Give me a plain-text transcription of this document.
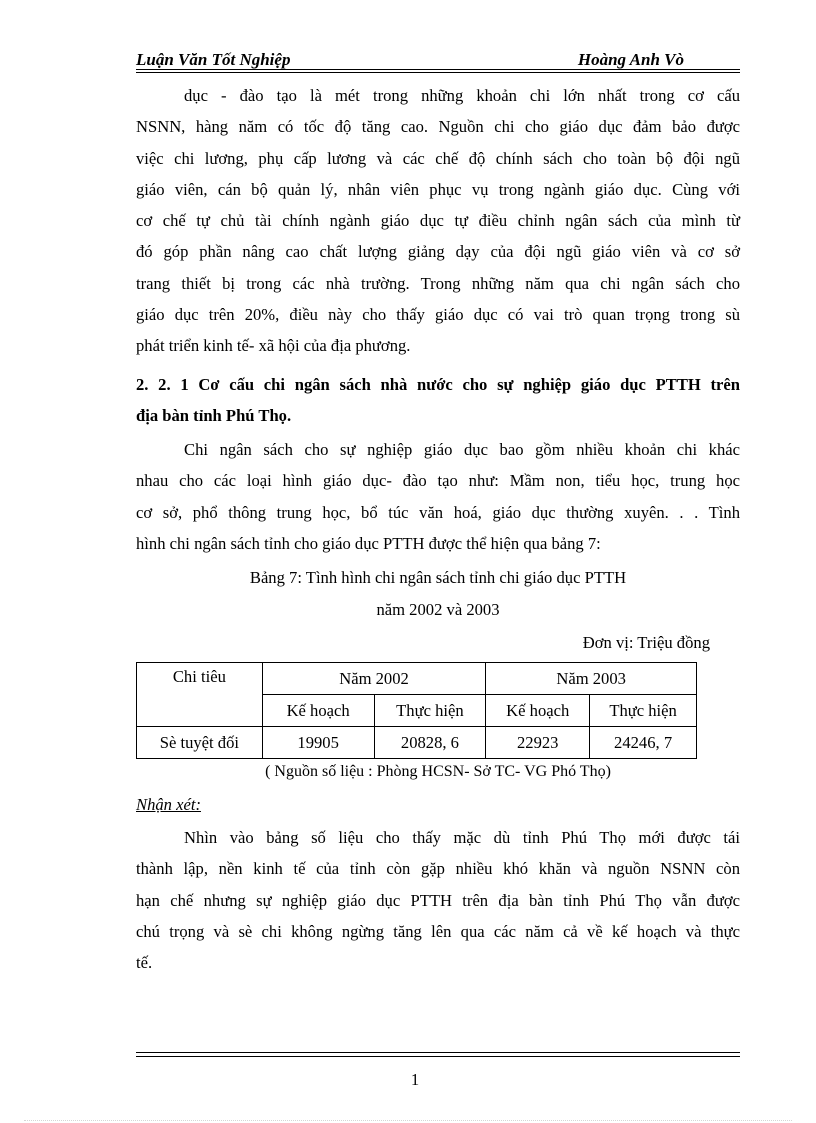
Luận Văn Tốt Nghiệp	Hoàng Anh Vò
dục - đào tạo là mét trong những khoản chi lớn nhất trong cơ cấu
NSNN, hàng năm có tốc độ tăng cao. Nguồn chi cho giáo dục đảm bảo được
việc chi lương, phụ cấp lương và các chế độ chính sách cho toàn bộ đội ngũ
giáo viên, cán bộ quản lý, nhân viên phục vụ trong ngành giáo dục. Cùng với
cơ chế tự chủ tài chính ngành giáo dục tự điều chỉnh ngân sách của mình từ
đó góp phần nâng cao chất lượng giảng dạy của đội ngũ giáo viên và cơ sở
trang thiết bị trong các nhà trường. Trong những năm qua chi ngân sách cho
giáo dục trên 20%, điều này cho thấy giáo dục có vai trò quan trọng trong sù
phát triển kinh tế- xã hội của địa phương.
2. 2. 1 Cơ cấu chi ngân sách nhà nước cho sự nghiệp giáo dục PTTH trên
địa bàn tỉnh Phú Thọ.
Chi ngân sách cho sự nghiệp giáo dục bao gồm nhiều khoản chi khác
nhau cho các loại hình giáo dục- đào tạo như: Mầm non, tiểu học, trung học
cơ sở, phổ thông trung học, bổ túc văn hoá, giáo dục thường xuyên. . . Tình
hình chi ngân sách tỉnh cho giáo dục PTTH được thể hiện qua bảng 7:
Bảng 7: Tình hình chi ngân sách tỉnh chi giáo dục PTTH
năm 2002 và 2003
Đơn vị: Triệu đồng
Chi tiêu	Năm 2002		Năm 2003	
	Kế hoạch	Thực hiện	Kế hoạch	Thực hiện
Sè tuyệt đối	19905	20828, 6	22923	24246, 7
( Nguồn số liệu : Phòng HCSN- Sở TC- VG Phó Thọ)
Nhận xét:
Nhìn vào bảng số liệu cho thấy mặc dù tỉnh Phú Thọ mới được tái
thành lập, nền kinh tế của tỉnh còn gặp nhiều khó khăn và nguồn NSNN còn
hạn chế nhưng sự nghiệp giáo dục PTTH trên địa bàn tỉnh Phú Thọ vẫn được
chú trọng và sè chi không ngừng tăng lên qua các năm cả về kế hoạch và thực
tế.
1
